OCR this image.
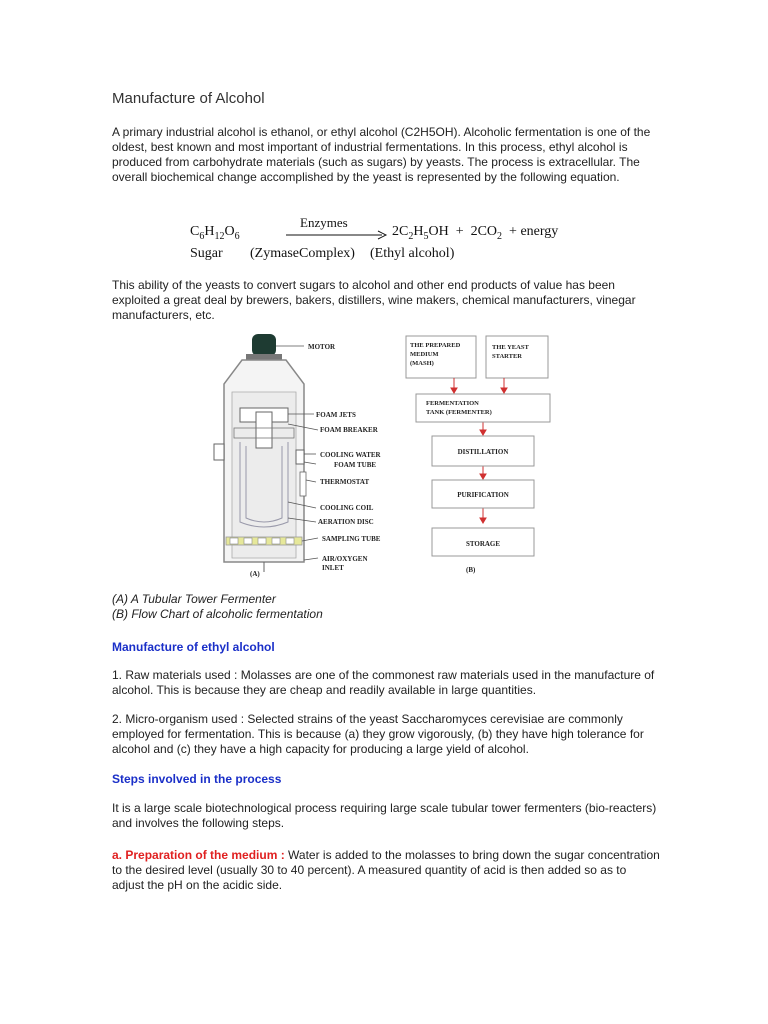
Manufacture of Alcohol
A primary industrial alcohol is ethanol, or ethyl alcohol (C2H5OH). Alcoholic fermentation is one of the oldest, best known and most important of industrial fermentations. In this process, ethyl alcohol is produced from carbohydrate materials (such as sugars) by yeasts. The process is extracellular. The overall biochemical change accomplished by the yeast is represented by the following equation.
$C_6H_{12}O_6$
Enzymes
$2C_2H_5OH + 2CO_2$  + energy
Sugar (ZymaseComplex) (Ethyl alcohol)
This ability of the yeasts to convert sugars to alcohol and other end products of value has been exploited a great deal by brewers, bakers, distillers, wine makers, chemical manufacturers, vinegar manufacturers, etc.
MOTOR
FOAM JETS
FOAM BREAKER
COOLING WATER
FOAM TUBE
THERMOSTAT
COOLING COIL
AERATION DISC
SAMPLING TUBE
AIR/OXYGEN
INLET
(A)
THE PREPARED
MEDIUM
(MASH)
THE YEAST
STARTER
FERMENTATION
TANK (FERMENTER)
DISTILLATION
PURIFICATION
STORAGE
(B)
(A) A Tubular Tower Fermenter
(B) Flow Chart of alcoholic fermentation
Manufacture of ethyl alcohol
1. Raw materials used : Molasses are one of the commonest raw materials used in the manufacture of alcohol. This is because they are cheap and readily available in large quantities.
2. Micro-organism used : Selected strains of the yeast Saccharomyces cerevisiae are commonly employed for fermentation. This is because (a) they grow vigorously, (b) they have high tolerance for alcohol and (c) they have a high capacity for producing a large yield of alcohol.
Steps involved in the process
It is a large scale biotechnological process requiring large scale tubular tower fermenters (bio-reacters) and involves the following steps.
a. Preparation of the medium : Water is added to the molasses to bring down the sugar concentration to the desired level (usually 30 to 40 percent). A measured quantity of acid is then added so as to adjust the pH on the acidic side.
